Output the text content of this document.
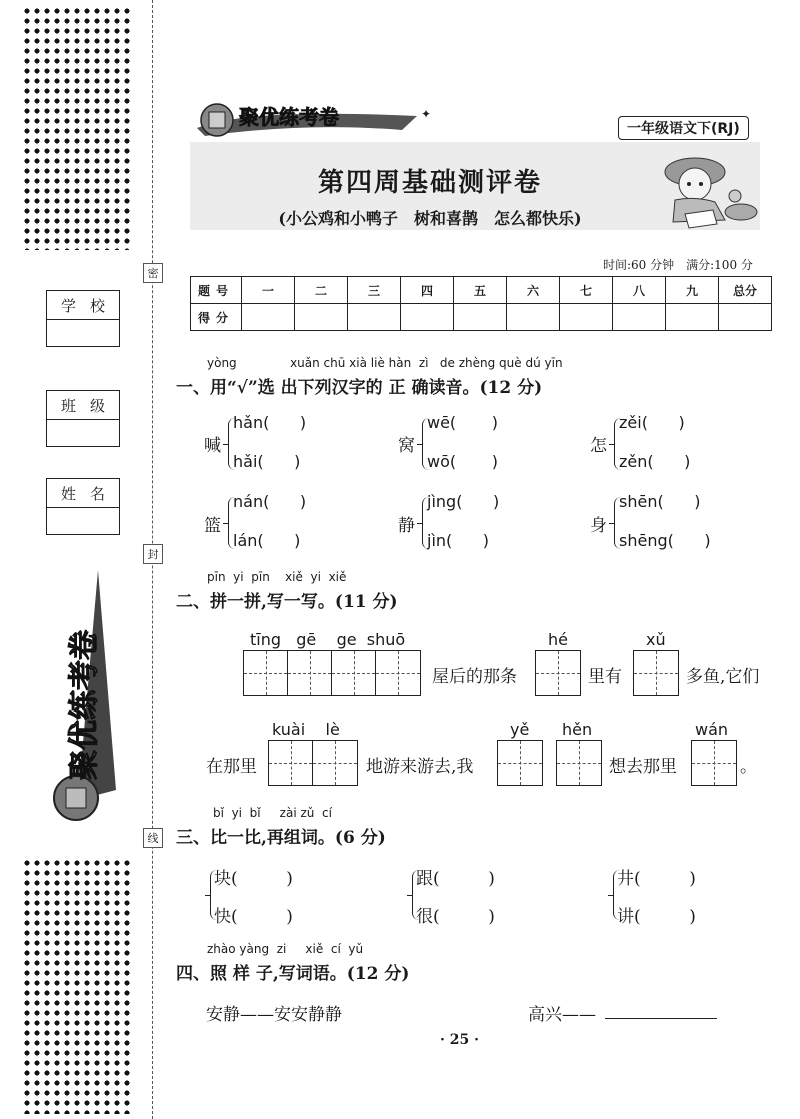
密
封
线
学校
班级
姓名
聚优练考卷
聚优练考卷	✦
一年级语文下(RJ)
第四周基础测评卷
(小公鸡和小鸭子　树和喜鹊　怎么都快乐)
时间:60 分钟　满分:100 分
题号	一	二	三	四	五	六	七	八	九	总分
得分										
yòng              xuǎn chū xià liè hàn  zì   de zhèng què dú yīn
一、用“√”选 出下列汉字的 正 确读音。(12 分)
喊
hǎn(      )
hǎi(      )
窝
wē(       )
wō(       )
怎
zěi(      )
zěn(      )
篮
nán(      )
lán(      )
静
jìng(      )
jìn(      )
身
shēn(      )
shēng(      )
pīn  yi  pīn    xiě  yi  xiě
二、拼一拼,写一写。(11 分)
tīng   gē    ge  shuō
屋后的那条
hé
里有
xǔ
多鱼,它们
在那里
kuài    lè
地游来游去,我
yě hěn
想去那里
wán
。
bǐ  yi  bǐ     zài zǔ  cí
三、比一比,再组词。(6 分)
块(         )
快(         )
跟(         )
很(         )
井(         )
讲(         )
zhào yàng  zi     xiě  cí  yǔ
四、照 样 子,写词语。(12 分)
安静——安安静静	高兴——
· 25 ·
